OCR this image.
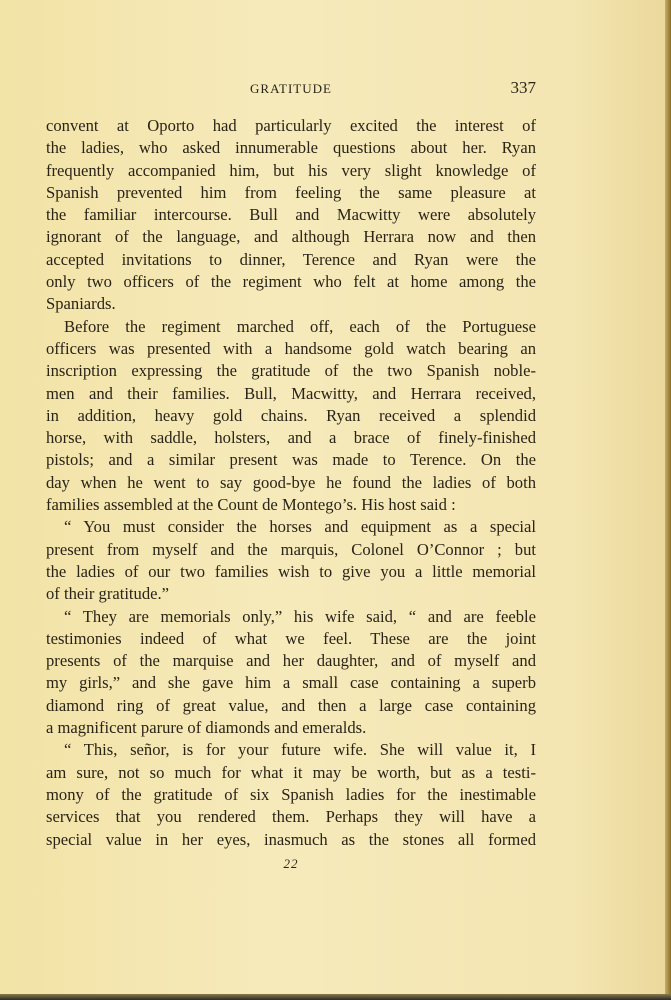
GRATITUDE	337
convent at Oporto had particularly excited the interest of
the ladies, who asked innumerable questions about her. Ryan
frequently accompanied him, but his very slight knowledge of
Spanish prevented him from feeling the same pleasure at
the familiar intercourse. Bull and Macwitty were absolutely
ignorant of the language, and although Herrara now and then
accepted invitations to dinner, Terence and Ryan were the
only two officers of the regiment who felt at home among the
Spaniards.
Before the regiment marched off, each of the Portuguese
officers was presented with a handsome gold watch bearing an
inscription expressing the gratitude of the two Spanish noble-
men and their families. Bull, Macwitty, and Herrara received,
in addition, heavy gold chains. Ryan received a splendid
horse, with saddle, holsters, and a brace of finely-finished
pistols; and a similar present was made to Terence. On the
day when he went to say good-bye he found the ladies of both
families assembled at the Count de Montego’s. His host said :
“ You must consider the horses and equipment as a special
present from myself and the marquis, Colonel O’Connor ; but
the ladies of our two families wish to give you a little memorial
of their gratitude.”
“ They are memorials only,” his wife said, “ and are feeble
testimonies indeed of what we feel. These are the joint
presents of the marquise and her daughter, and of myself and
my girls,” and she gave him a small case containing a superb
diamond ring of great value, and then a large case containing
a magnificent parure of diamonds and emeralds.
“ This, señor, is for your future wife. She will value it, I
am sure, not so much for what it may be worth, but as a testi-
mony of the gratitude of six Spanish ladies for the inestimable
services that you rendered them. Perhaps they will have a
special value in her eyes, inasmuch as the stones all formed
22
